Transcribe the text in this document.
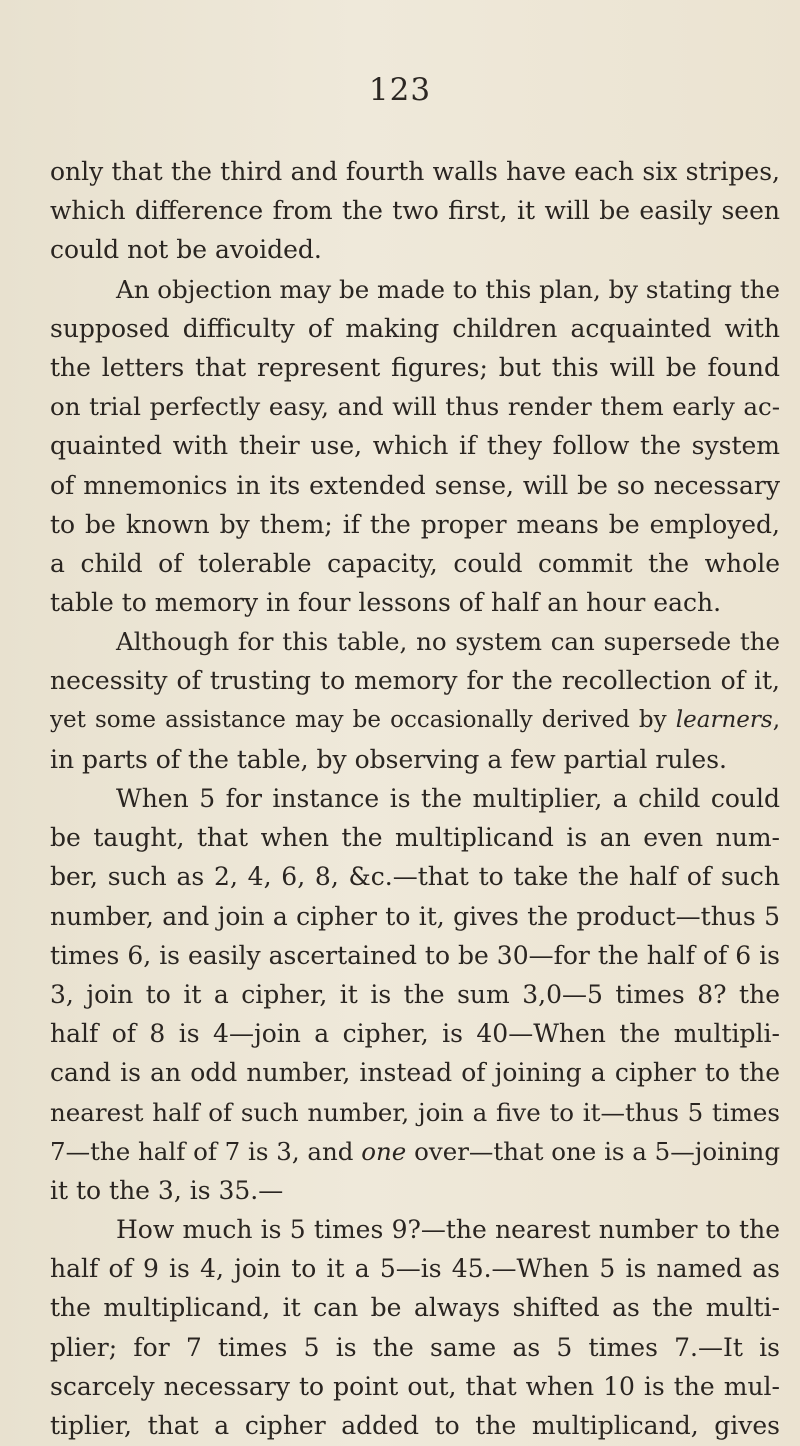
123
only that the third and fourth walls have each six stripes,
which difference from the two first, it will be easily seen
could not be avoided.
An objection may be made to this plan, by stating the
supposed difficulty of making children acquainted with
the letters that represent figures; but this will be found
on trial perfectly easy, and will thus render them early ac-
quainted with their use, which if they follow the system
of mnemonics in its extended sense, will be so necessary
to be known by them; if the proper means be employed,
a child of tolerable capacity, could commit the whole
table to memory in four lessons of half an hour each.
Although for this table, no system can supersede the
necessity of trusting to memory for the recollection of it,
yet some assistance may be occasionally derived by learners,
in parts of the table, by observing a few partial rules.
When 5 for instance is the multiplier, a child could
be taught, that when the multiplicand is an even num-
ber, such as 2, 4, 6, 8, &c.—that to take the half of such
number, and join a cipher to it, gives the product—thus 5
times 6, is easily ascertained to be 30—for the half of 6 is
3, join to it a cipher, it is the sum 3,0—5 times 8? the
half of 8 is 4—join a cipher, is 40—When the multipli-
cand is an odd number, instead of joining a cipher to the
nearest half of such number, join a five to it—thus 5 times
7—the half of 7 is 3, and one over—that one is a 5—joining
it to the 3, is 35.—
How much is 5 times 9?—the nearest number to the
half of 9 is 4, join to it a 5—is 45.—When 5 is named as
the multiplicand, it can be always shifted as the multi-
plier; for 7 times 5 is the same as 5 times 7.—It is
scarcely necessary to point out, that when 10 is the mul-
tiplier, that a cipher added to the multiplicand, gives
